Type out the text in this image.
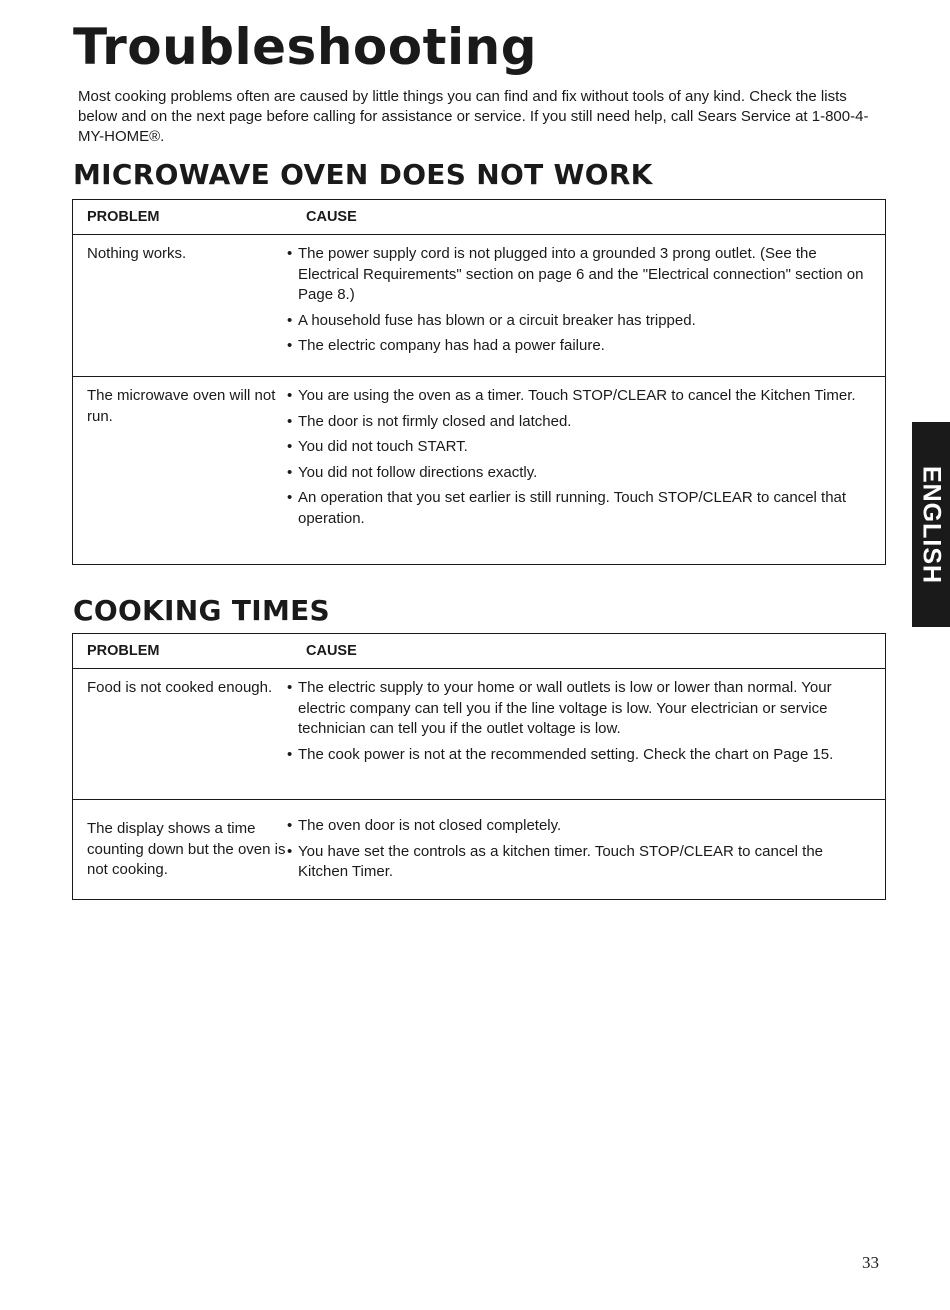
Troubleshooting

Most cooking problems often are caused by little things you can find and fix without tools of any kind. Check the lists below and on the next page before calling for assistance or service. If you still need help, call Sears Service at 1-800-4-MY-HOME®.

MICROWAVE OVEN DOES NOT WORK
PROBLEM	CAUSE
Nothing works.	• The power supply cord is not plugged into a grounded 3 prong outlet. (See the Electrical Requirements" section on page 6 and the "Electrical connection" section on Page 8.)
• A household fuse has blown or a circuit breaker has tripped.
• The electric company has had a power failure.
The microwave oven will not run.
• You are using the oven as a timer. Touch STOP/CLEAR to cancel the Kitchen Timer.
• The door is not firmly closed and latched.
• You did not touch START.
• You did not follow directions exactly.
• An operation that you set earlier is still running. Touch STOP/CLEAR to cancel that operation.
COOKING TIMES
PROBLEM	CAUSE
Food is not cooked enough. • The electric supply to your home or wall outlets is low or lower than normal. Your electric company can tell you if the line voltage is low. Your electrician or service technician can tell you if the outlet voltage is low.
• The cook power is not at the recommended setting. Check the chart on Page 15.
The display shows a time counting down but the oven is not cooking.
• The oven door is not closed completely.
• You have set the controls as a kitchen timer. Touch STOP/CLEAR to cancel the Kitchen Timer.
ENGLISH
33
